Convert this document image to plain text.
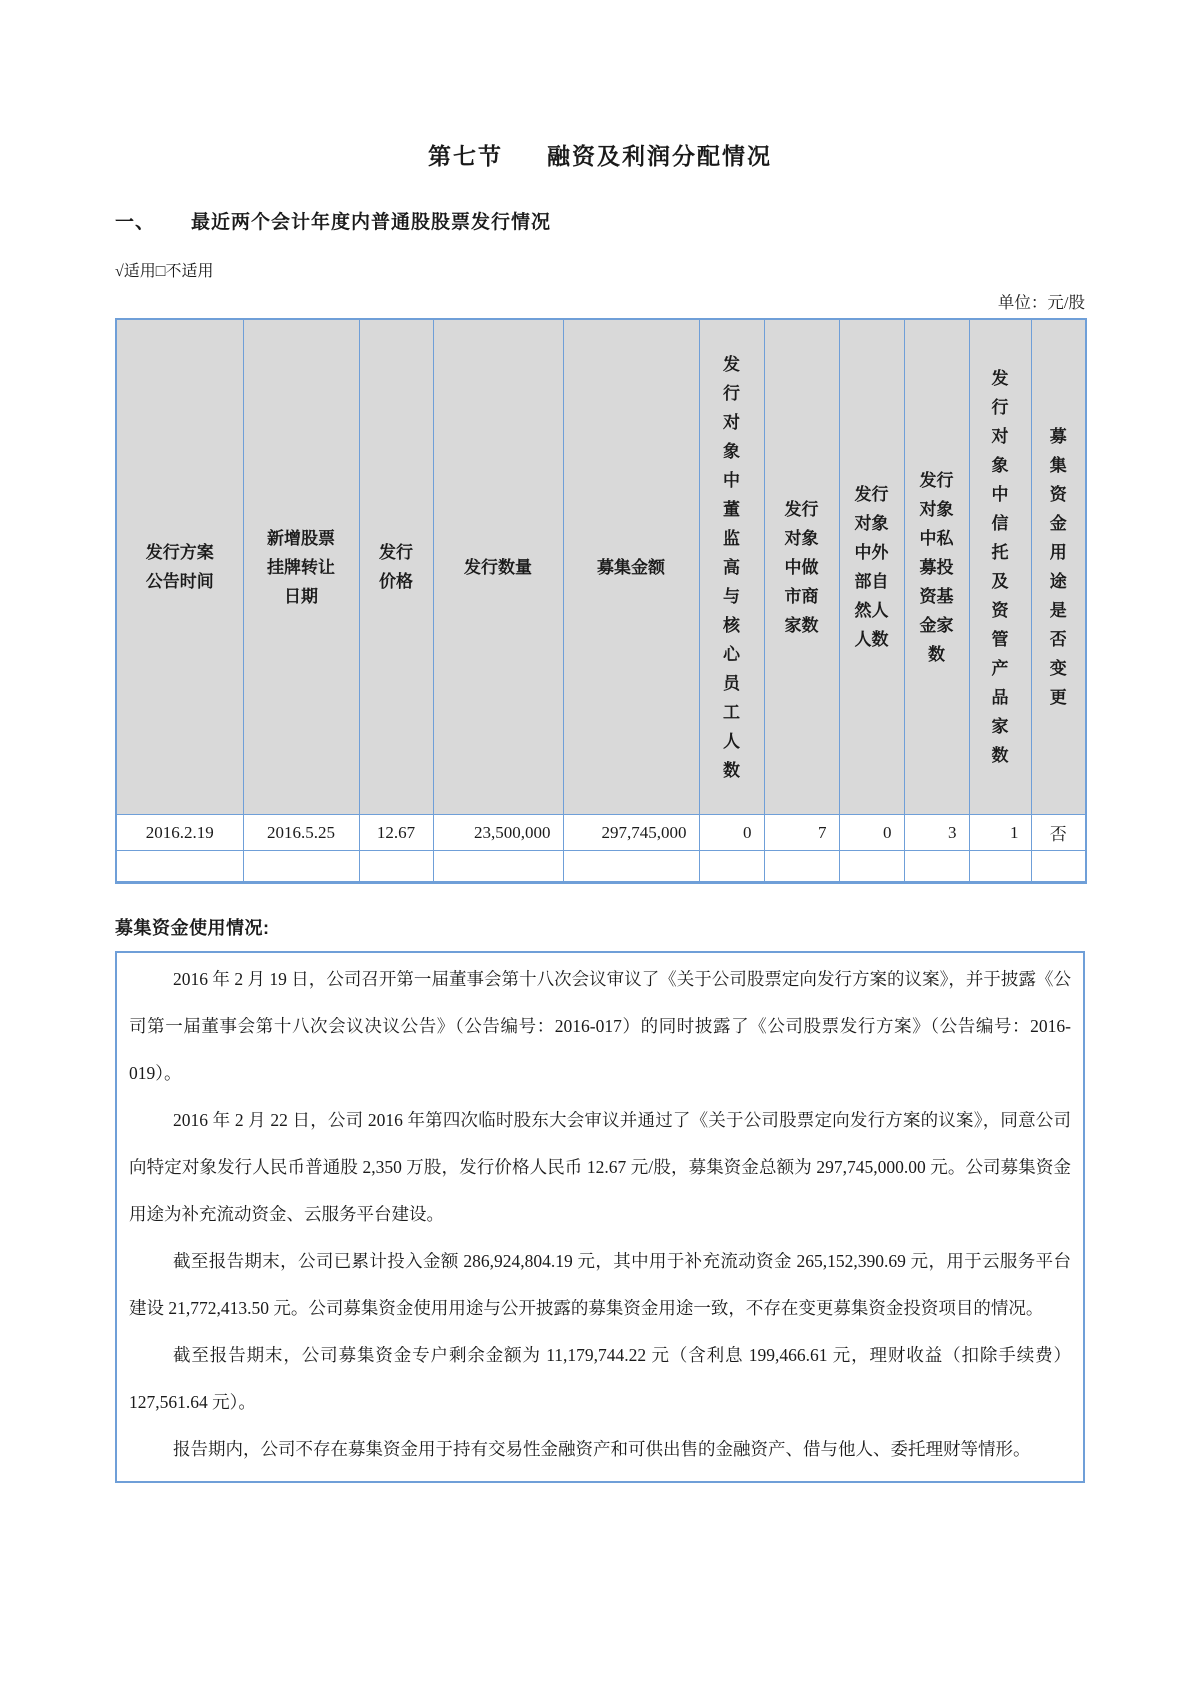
第七节 融资及利润分配情况
一、 最近两个会计年度内普通股股票发行情况
√适用□不适用
单位：元/股
发行方案公告时间	新增股票挂牌转让日期	发行价格	发行数量	募集金额	发行对象中董监高与核心员工人数	发行对象中做市商家数	发行对象中外部自然人人数	发行对象中私募投资基金家数	发行对象中信托及资管产品家数	募集资金用途是否变更
2016.2.19	2016.5.25	12.67	23,500,000	297,745,000	0	7	0	3	1	否

募集资金使用情况:

2016 年 2 月 19 日，公司召开第一届董事会第十八次会议审议了《关于公司股票定向发行方案的议案》，并于披露《公司第一届董事会第十八次会议决议公告》（公告编号：2016-017）的同时披露了《公司股票发行方案》（公告编号：2016-019）。

2016 年 2 月 22 日，公司 2016 年第四次临时股东大会审议并通过了《关于公司股票定向发行方案的议案》，同意公司向特定对象发行人民币普通股 2,350 万股，发行价格人民币 12.67 元/股，募集资金总额为 297,745,000.00 元。公司募集资金用途为补充流动资金、云服务平台建设。

截至报告期末，公司已累计投入金额 286,924,804.19 元，其中用于补充流动资金 265,152,390.69 元，用于云服务平台建设 21,772,413.50 元。公司募集资金使用用途与公开披露的募集资金用途一致，不存在变更募集资金投资项目的情况。

截至报告期末，公司募集资金专户剩余金额为 11,179,744.22 元（含利息 199,466.61 元，理财收益（扣除手续费）127,561.64 元）。

报告期内，公司不存在募集资金用于持有交易性金融资产和可供出售的金融资产、借与他人、委托理财等情形。
